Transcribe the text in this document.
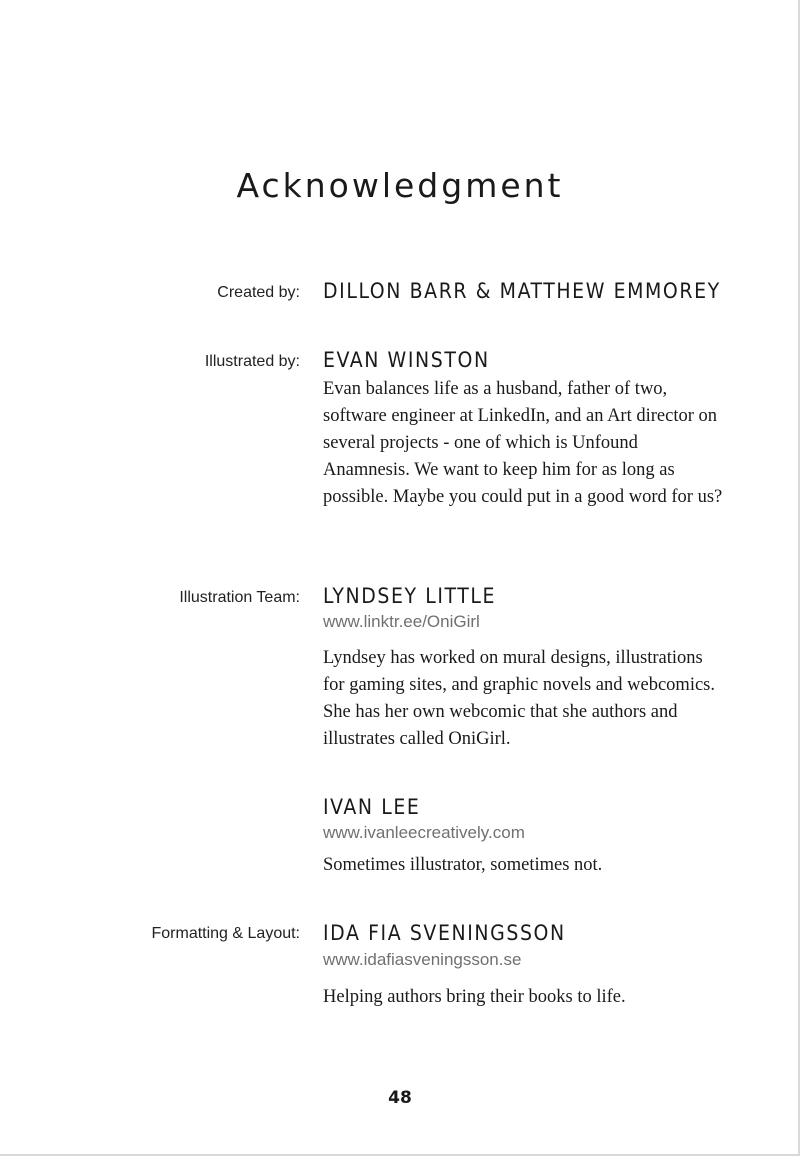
Acknowledgment
Created by: DILLON BARR & MATTHEW EMMOREY
Illustrated by: EVAN WINSTON
Evan balances life as a husband, father of two, software engineer at LinkedIn, and an Art director on several projects - one of which is Unfound Anamnesis. We want to keep him for as long as possible. Maybe you could put in a good word for us?
Illustration Team: LYNDSEY LITTLE
www.linktr.ee/OniGirl
Lyndsey has worked on mural designs, illustrations for gaming sites, and graphic novels and webcomics. She has her own webcomic that she authors and illustrates called OniGirl.
IVAN LEE
www.ivanleecreatively.com
Sometimes illustrator, sometimes not.
Formatting & Layout: IDA FIA SVENINGSSON
www.idafiasveningsson.se
Helping authors bring their books to life.
48
